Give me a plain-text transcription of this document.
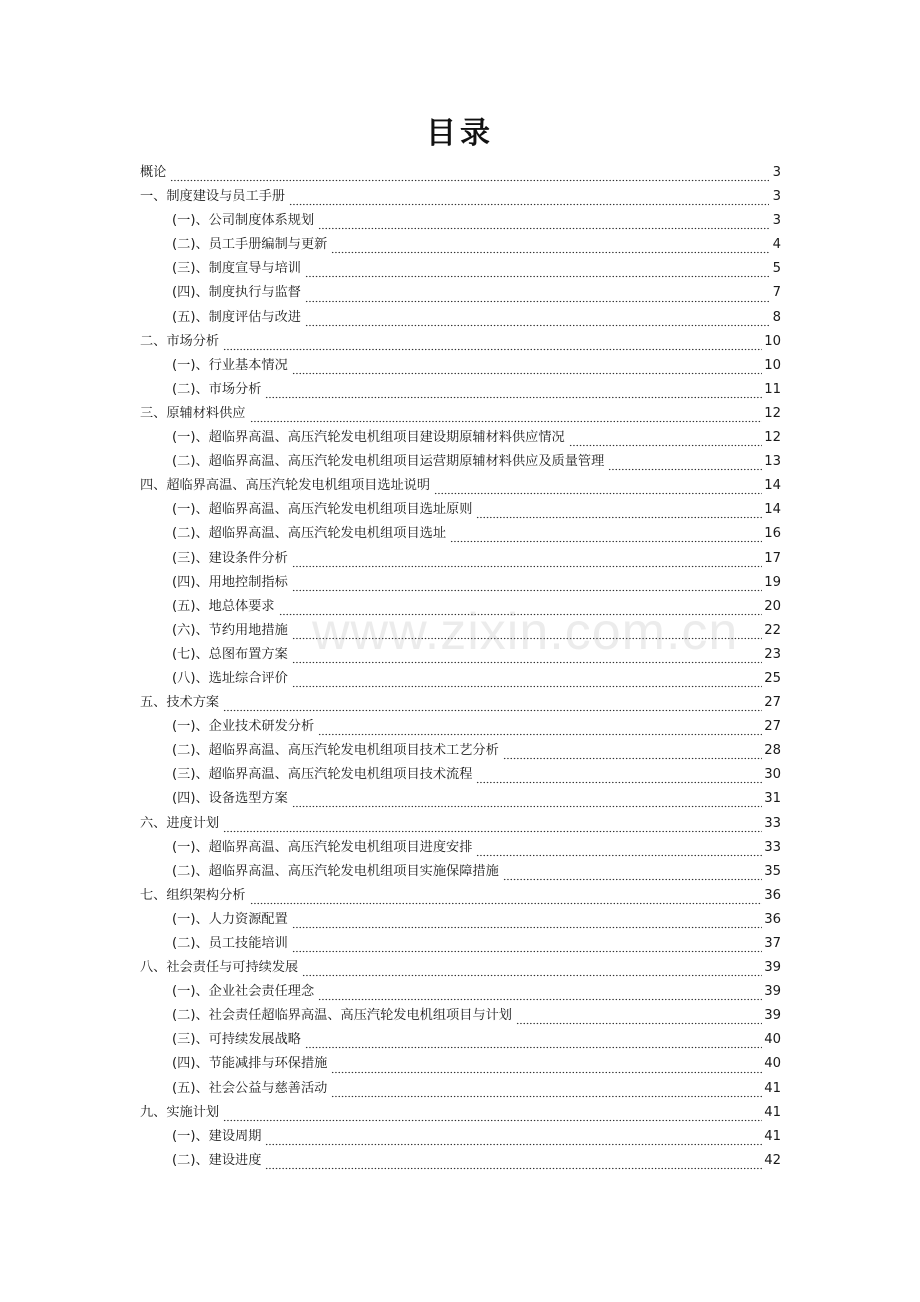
目录
概论	3
一、制度建设与员工手册	3
(一)、公司制度体系规划	3
(二)、员工手册编制与更新	4
(三)、制度宣导与培训	5
(四)、制度执行与监督	7
(五)、制度评估与改进	8
二、市场分析	10
(一)、行业基本情况	10
(二)、市场分析	11
三、原辅材料供应	12
(一)、超临界高温、高压汽轮发电机组项目建设期原辅材料供应情况	12
(二)、超临界高温、高压汽轮发电机组项目运营期原辅材料供应及质量管理	13
四、超临界高温、高压汽轮发电机组项目选址说明	14
(一)、超临界高温、高压汽轮发电机组项目选址原则	14
(二)、超临界高温、高压汽轮发电机组项目选址	16
(三)、建设条件分析	17
(四)、用地控制指标	19
(五)、地总体要求	20
(六)、节约用地措施	22
(七)、总图布置方案	23
(八)、选址综合评价	25
五、技术方案	27
(一)、企业技术研发分析	27
(二)、超临界高温、高压汽轮发电机组项目技术工艺分析	28
(三)、超临界高温、高压汽轮发电机组项目技术流程	30
(四)、设备选型方案	31
六、进度计划	33
(一)、超临界高温、高压汽轮发电机组项目进度安排	33
(二)、超临界高温、高压汽轮发电机组项目实施保障措施	35
七、组织架构分析	36
(一)、人力资源配置	36
(二)、员工技能培训	37
八、社会责任与可持续发展	39
(一)、企业社会责任理念	39
(二)、社会责任超临界高温、高压汽轮发电机组项目与计划	39
(三)、可持续发展战略	40
(四)、节能减排与环保措施	40
(五)、社会公益与慈善活动	41
九、实施计划	41
(一)、建设周期	41
(二)、建设进度	42
